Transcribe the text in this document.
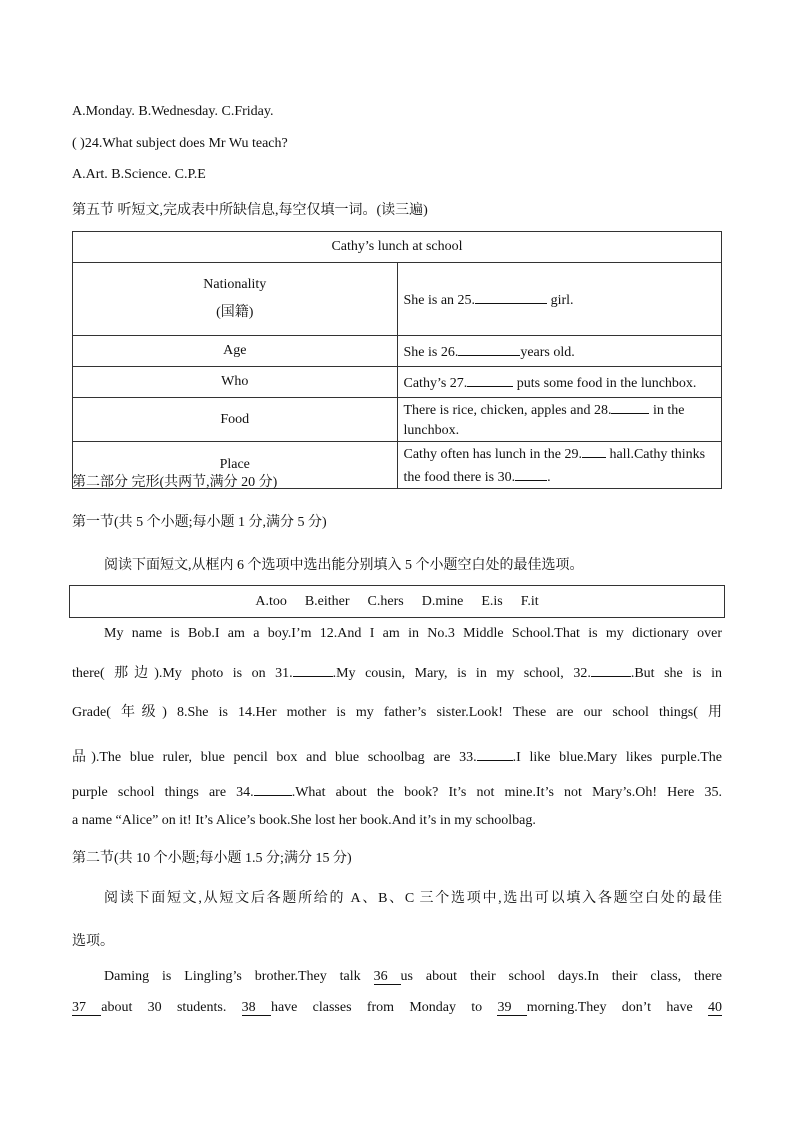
A.Monday. B.Wednesday. C.Friday.
( )24.What subject does Mr Wu teach?
A.Art. B.Science. C.P.E
第五节 听短文,完成表中所缺信息,每空仅填一词。(读三遍)
Cathy’s lunch at school	

Nationality
(国籍)	She is an 25. girl.
Age	She is 26. years old.
Who	Cathy’s 27. puts some food in the lunchbox.
Food	There is rice, chicken, apples and 28. in the lunchbox.
Place	Cathy often has lunch in the 29. hall.Cathy thinks the food there is 30. .
第二部分 完形(共两节,满分 20 分)
第一节(共 5 个小题;每小题 1 分,满分 5 分)
阅读下面短文,从框内 6 个选项中选出能分别填入 5 个小题空白处的最佳选项。
A.too B.either C.hers D.mine E.is F.it
My name is Bob.I am a boy.I’m 12.And I am in No.3 Middle School.That is my dictionary over
there( 那边).My photo is on 31.	.My cousin, Mary, is in my school, 32.	.But she is in
Grade( 年级) 8.She is 14.Her mother is my father’s sister.Look! These are our school things( 用
品).The blue ruler, blue pencil box and blue schoolbag are 33.	.I like blue.Mary likes purple.The
purple school things are 34.	.What about the book? It’s not mine.It’s not Mary’s.Oh! Here 35.
a name “Alice” on it! It’s Alice’s book.She lost her book.And it’s in my schoolbag.
第二节(共 10 个小题;每小题 1.5 分;满分 15 分)
阅读下面短文,从短文后各题所给的 A、B、C 三个选项中,选出可以填入各题空白处的最佳
选项。
Daming is Lingling’s brother.They talk 36 us about their school days.In their class, there
37 about 30 students. 38 have classes from Monday to 39 morning.They don’t have 40
